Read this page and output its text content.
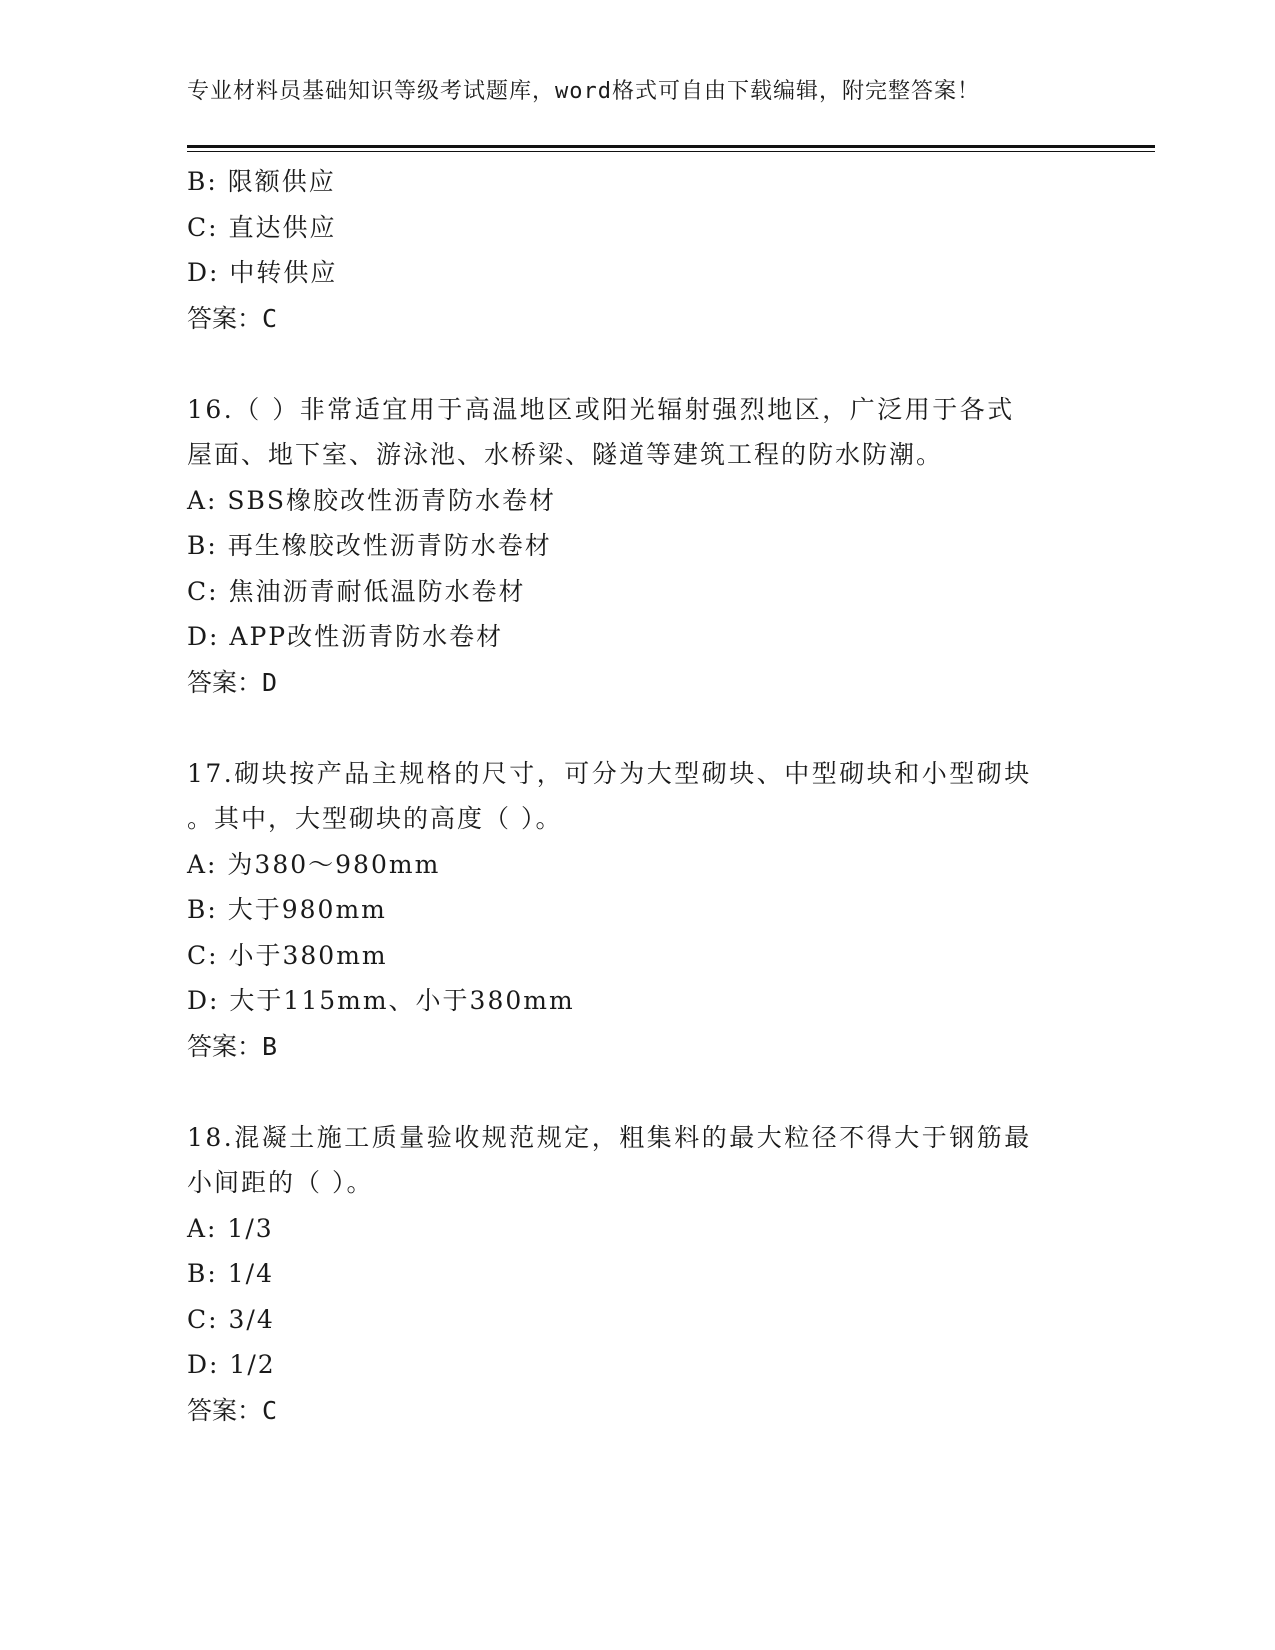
专业材料员基础知识等级考试题库，word格式可自由下载编辑，附完整答案！
B: 限额供应
C: 直达供应
D: 中转供应
答案：C
16.（ ）非常适宜用于高温地区或阳光辐射强烈地区，广泛用于各式
屋面、地下室、游泳池、水桥梁、隧道等建筑工程的防水防潮。
A: SBS橡胶改性沥青防水卷材
B: 再生橡胶改性沥青防水卷材
C: 焦油沥青耐低温防水卷材
D: APP改性沥青防水卷材
答案：D
17.砌块按产品主规格的尺寸，可分为大型砌块、中型砌块和小型砌块
。其中，大型砌块的高度（ ）。
A: 为380～980mm
B: 大于980mm
C: 小于380mm
D: 大于115mm、小于380mm
答案：B
18.混凝土施工质量验收规范规定，粗集料的最大粒径不得大于钢筋最
小间距的（ ）。
A: 1/3
B: 1/4
C: 3/4
D: 1/2
答案：C
